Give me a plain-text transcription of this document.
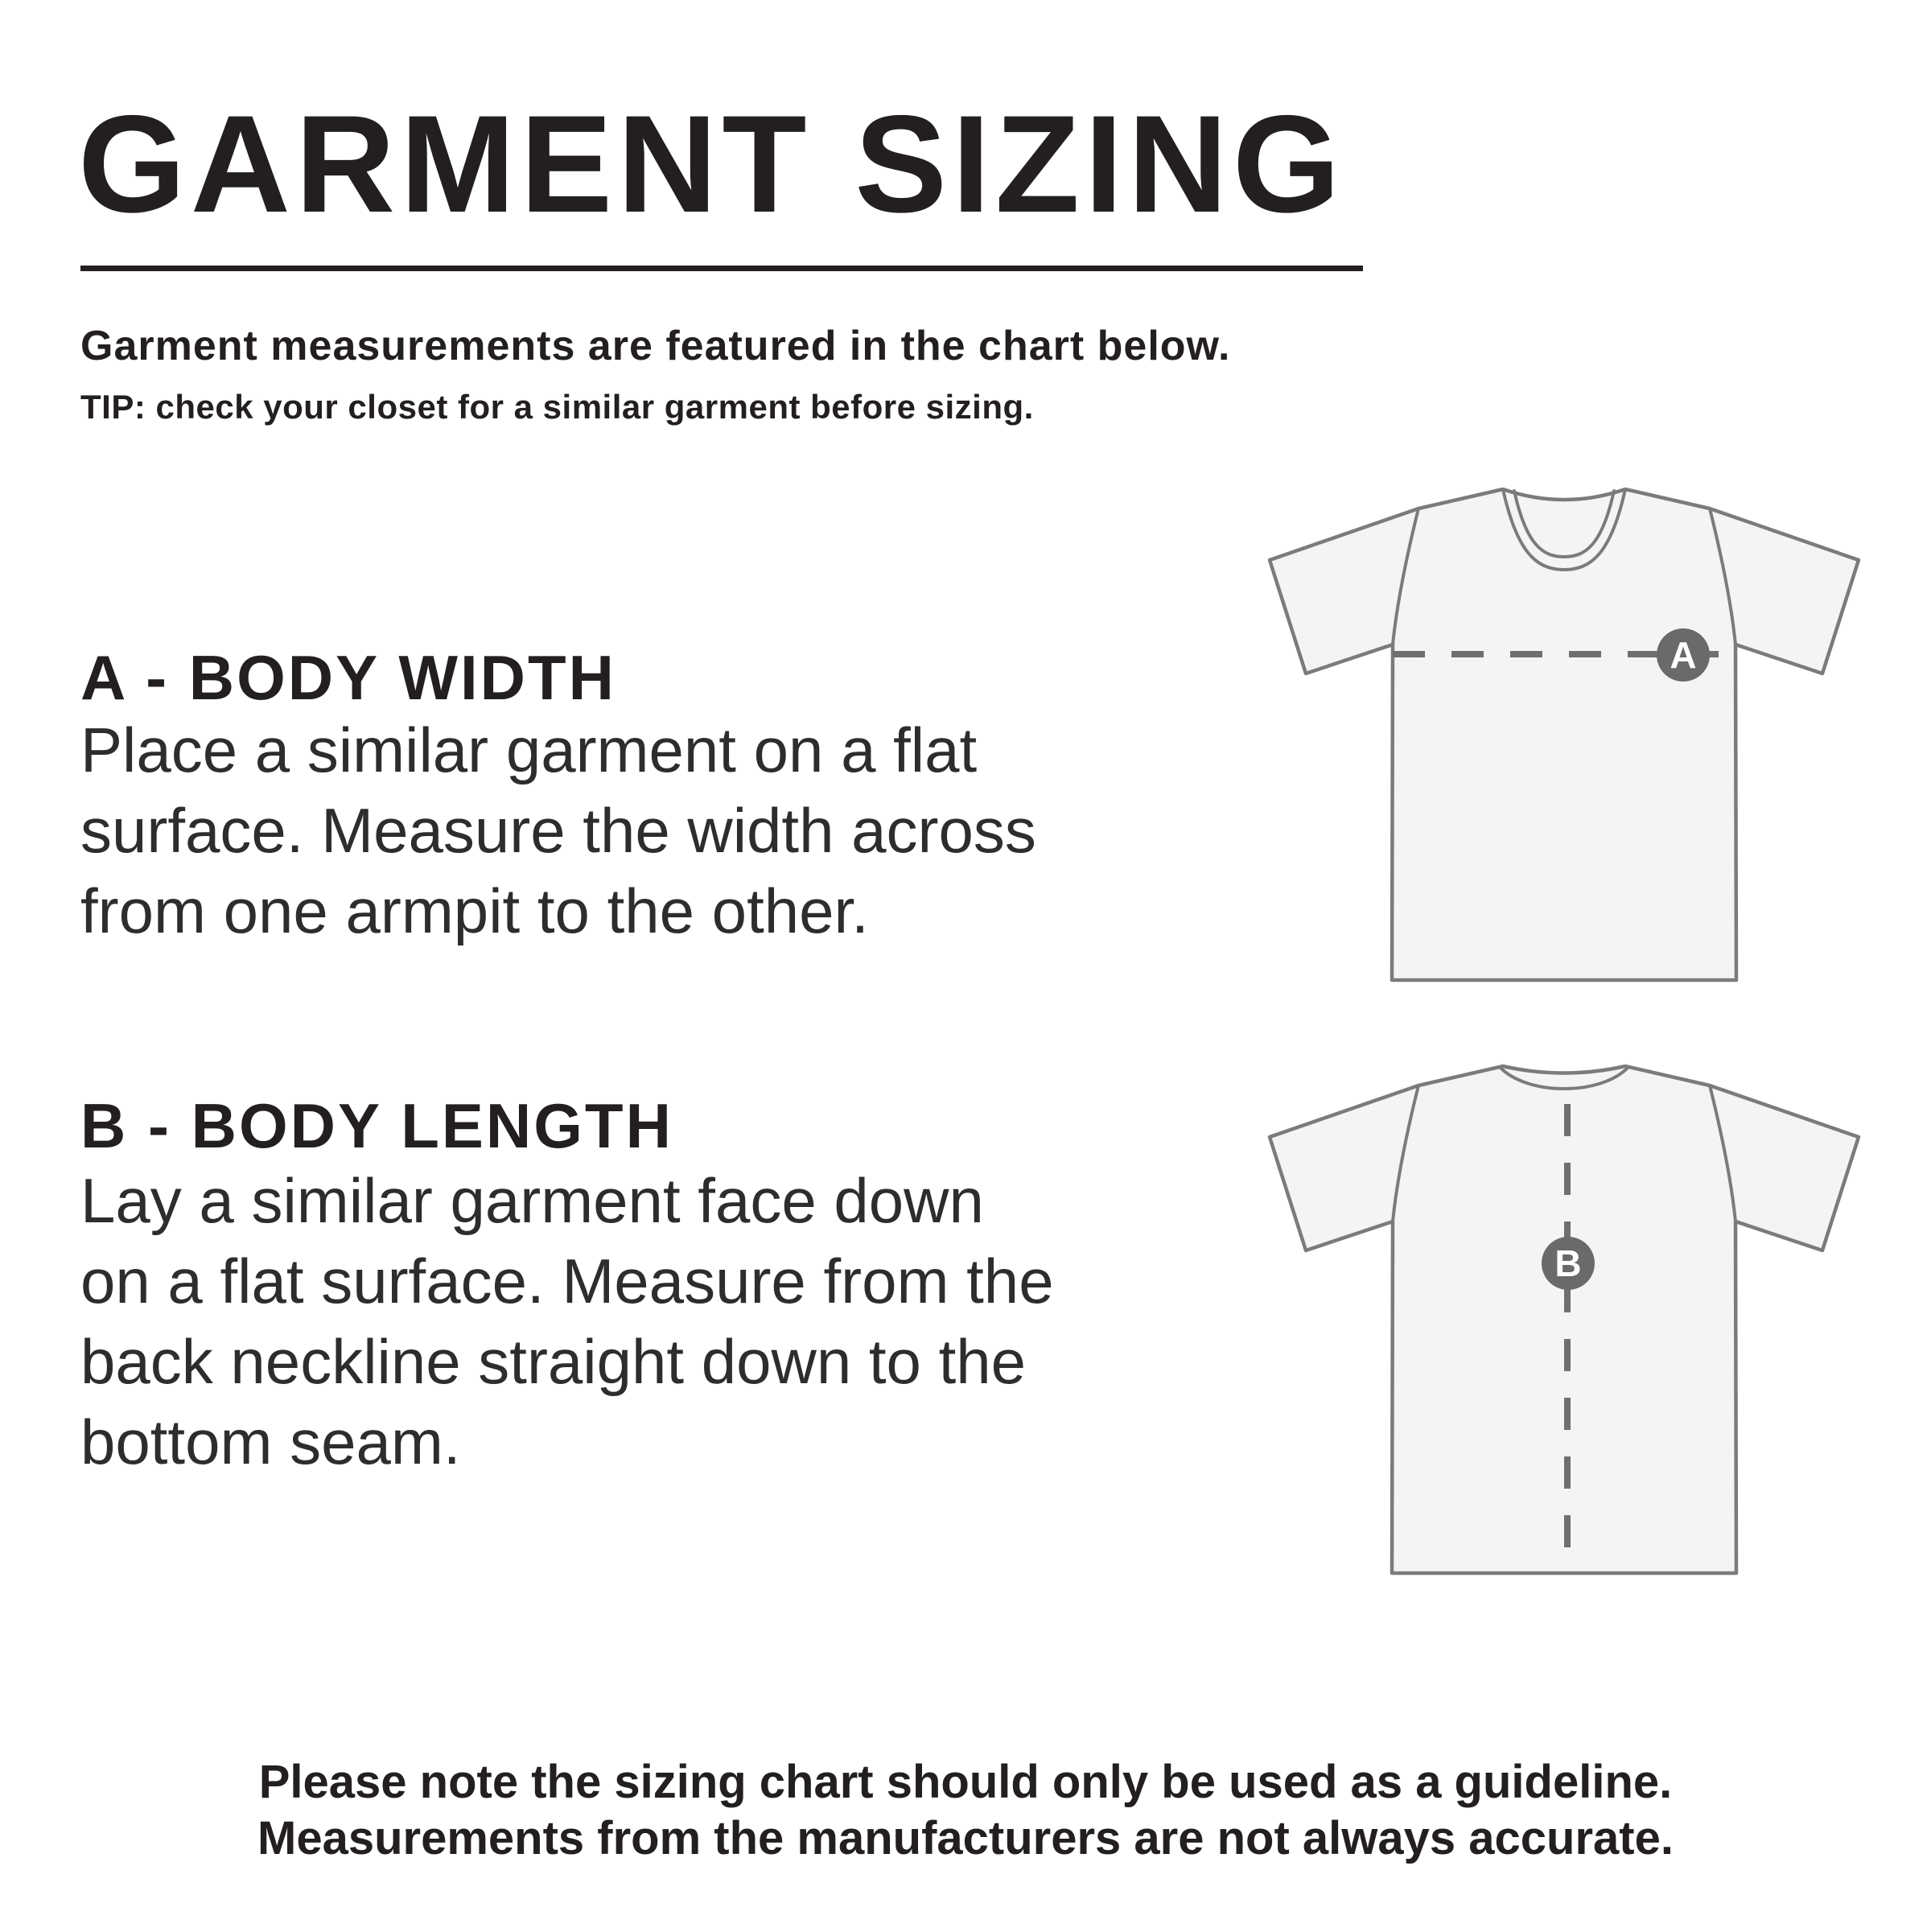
GARMENT SIZING

Garment measurements are featured in the chart below.

TIP: check your closet for a similar garment before sizing.

A - BODY WIDTH

Place a similar garment on a flat
surface. Measure the width across
from one armpit to the other.

B - BODY LENGTH

Lay a similar garment face down
on a flat surface. Measure from the
back neckline straight down to the
bottom seam.

A
B

Please note the sizing chart should only be used as a guideline.
Measurements from the manufacturers are not always accurate.
